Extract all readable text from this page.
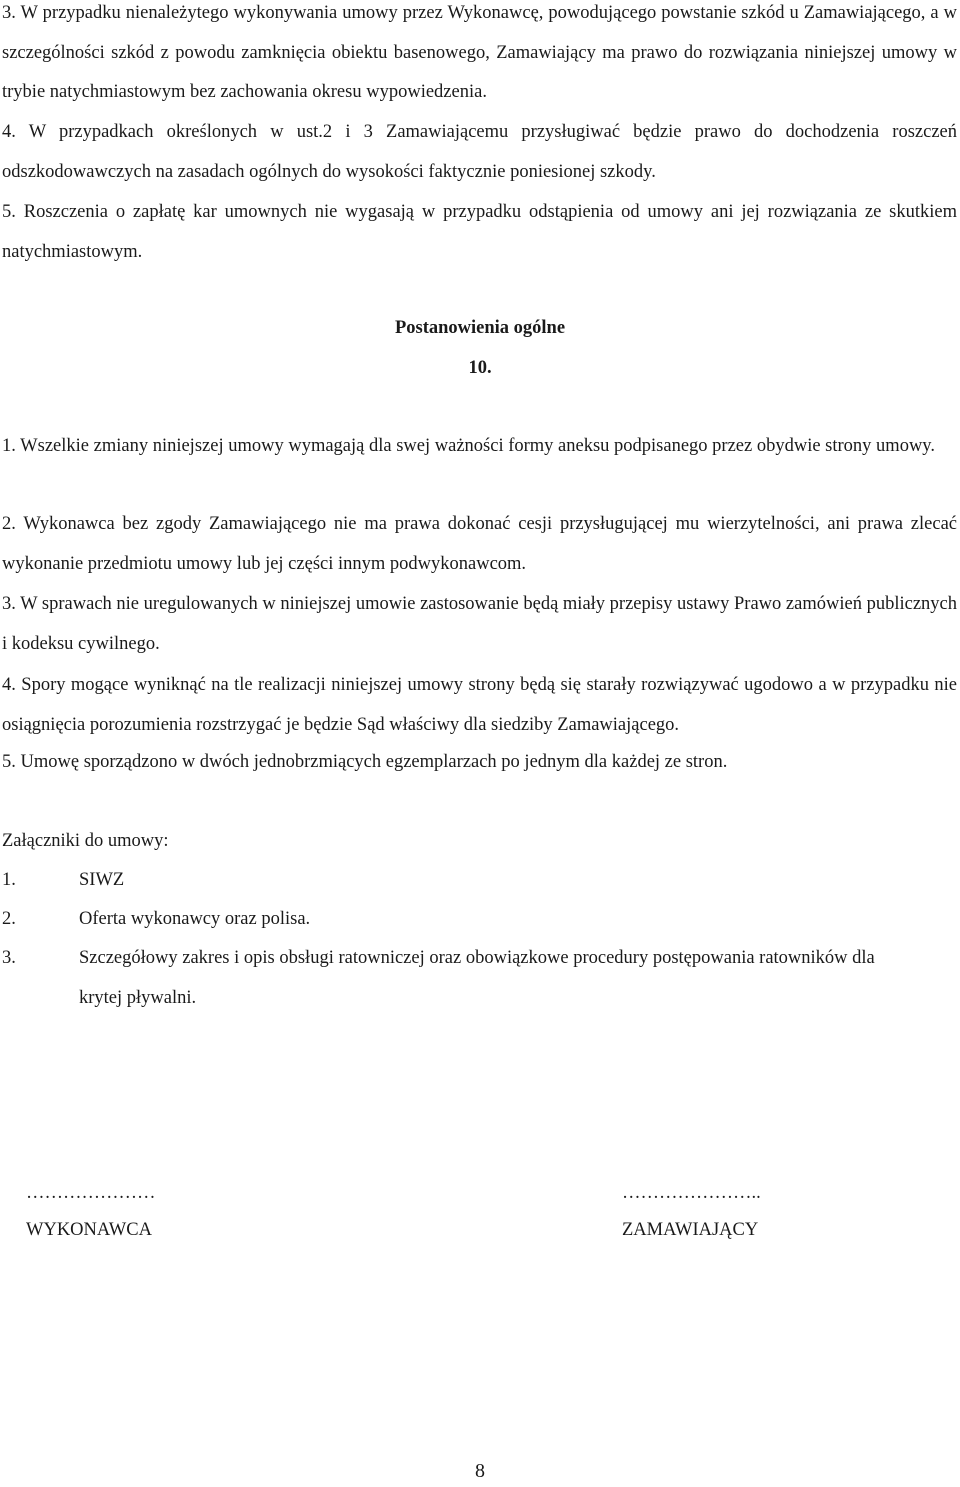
3. W przypadku nienależytego wykonywania umowy przez Wykonawcę, powodującego powstanie szkód u Zamawiającego, a w szczególności szkód z powodu zamknięcia obiektu basenowego, Zamawiający ma prawo do rozwiązania niniejszej umowy w trybie natychmiastowym bez zachowania okresu wypowiedzenia.
4. W przypadkach określonych w ust.2 i 3 Zamawiającemu przysługiwać będzie prawo do dochodzenia roszczeń odszkodowawczych na zasadach ogólnych do wysokości faktycznie poniesionej szkody.
5. Roszczenia o zapłatę kar umownych nie wygasają w przypadku odstąpienia od umowy ani jej rozwiązania ze skutkiem natychmiastowym.
Postanowienia ogólne
10.
1. Wszelkie zmiany niniejszej umowy wymagają dla swej ważności formy aneksu podpisanego przez obydwie strony umowy.
2. Wykonawca bez zgody Zamawiającego nie ma prawa dokonać cesji przysługującej mu wierzytelności, ani prawa zlecać wykonanie przedmiotu umowy lub jej części innym podwykonawcom.
3. W sprawach nie uregulowanych w niniejszej umowie zastosowanie będą miały przepisy ustawy Prawo zamówień publicznych i kodeksu cywilnego.
4. Spory mogące wyniknąć na tle realizacji niniejszej umowy strony będą się starały rozwiązywać ugodowo a w przypadku nie osiągnięcia porozumienia rozstrzygać je będzie Sąd właściwy dla siedziby Zamawiającego.
5. Umowę sporządzono w dwóch jednobrzmiących egzemplarzach po jednym dla każdej ze stron.
Załączniki do umowy:
1.	SIWZ
2.	Oferta wykonawcy oraz polisa.
3.	Szczegółowy zakres i opis obsługi ratowniczej oraz obowiązkowe procedury postępowania ratowników dla krytej pływalni.
…………………
WYKONAWCA
…………………..
ZAMAWIAJĄCY
8
